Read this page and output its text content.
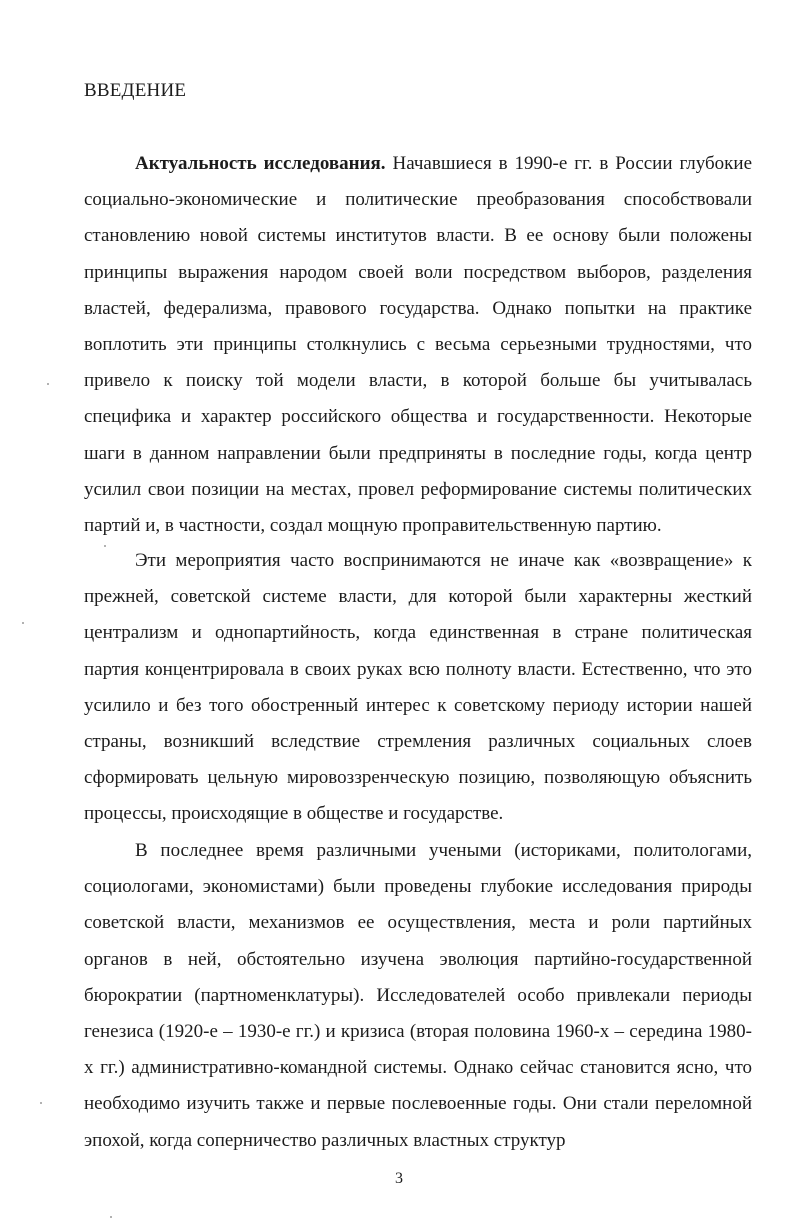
ВВЕДЕНИЕ

Актуальность исследования. Начавшиеся в 1990-е гг. в России глубокие социально-экономические и политические преобразования способствовали становлению новой системы институтов власти. В ее основу были положены принципы выражения народом своей воли посредством выборов, разделения властей, федерализма, правового государства. Однако попытки на практике воплотить эти принципы столкнулись с весьма серьезными трудностями, что привело к поиску той модели власти, в которой больше бы учитывалась специфика и характер российского общества и государственности. Некоторые шаги в данном направлении были предприняты в последние годы, когда центр усилил свои позиции на местах, провел реформирование системы политических партий и, в частности, создал мощную проправительственную партию.

Эти мероприятия часто воспринимаются не иначе как «возвращение» к прежней, советской системе власти, для которой были характерны жесткий централизм и однопартийность, когда единственная в стране политическая партия концентрировала в своих руках всю полноту власти. Естественно, что это усилило и без того обостренный интерес к советскому периоду истории нашей страны, возникший вследствие стремления различных социальных слоев сформировать цельную мировоззренческую позицию, позволяющую объяснить процессы, происходящие в обществе и государстве.

В последнее время различными учеными (историками, политологами, социологами, экономистами) были проведены глубокие исследования природы советской власти, механизмов ее осуществления, места и роли партийных органов в ней, обстоятельно изучена эволюция партийно-государственной бюрократии (партноменклатуры). Исследователей особо привлекали периоды генезиса (1920-е – 1930-е гг.) и кризиса (вторая половина 1960-х – середина 1980-х гг.) административно-командной системы. Однако сейчас становится ясно, что необходимо изучить также и первые послевоенные годы. Они стали переломной эпохой, когда соперничество различных властных структур

3
